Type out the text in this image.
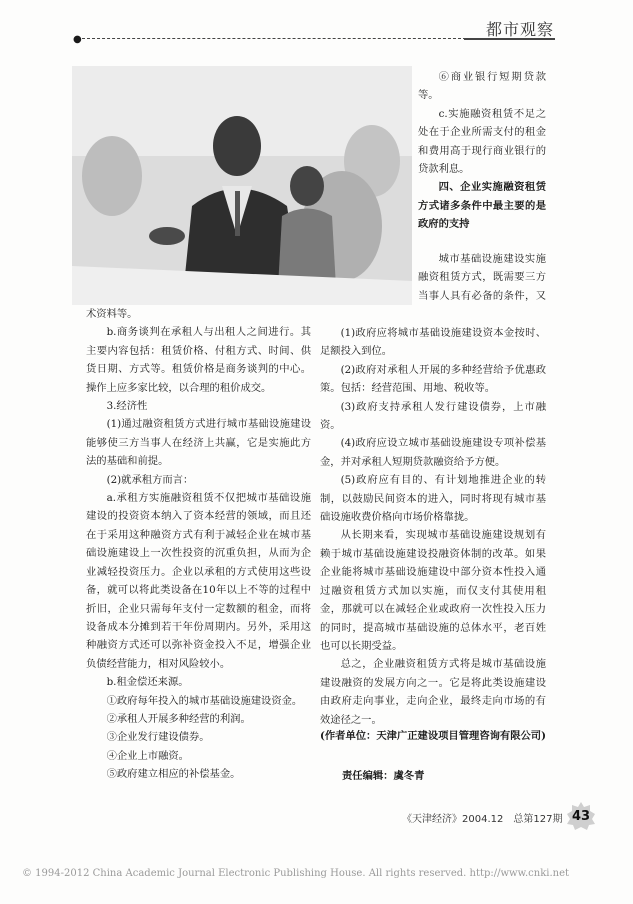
●
都市观察

⑥商业银行短期贷款等。

c.实施融资租赁不足之处在于企业所需支付的租金和费用高于现行商业银行的贷款利息。

四、企业实施融资租赁方式诸多条件中最主要的是政府的支持

城市基础设施建设实施融资租赁方式，既需要三方当事人具有必备的条件，又

术资料等。

b.商务谈判在承租人与出租人之间进行。其主要内容包括：租赁价格、付租方式、时间、供货日期、方式等。租赁价格是商务谈判的中心。操作上应多家比较，以合理的租价成交。

3.经济性

(1)通过融资租赁方式进行城市基础设施建设能够使三方当事人在经济上共赢，它是实施此方法的基础和前提。

(2)就承租方而言：

a.承租方实施融资租赁不仅把城市基础设施建设的投资资本纳入了资本经营的领域，而且还在于采用这种融资方式有利于减轻企业在城市基础设施建设上一次性投资的沉重负担，从而为企业减轻投资压力。企业以承租的方式使用这些设备，就可以将此类设备在10年以上不等的过程中折旧，企业只需每年支付一定数额的租金，而将设备成本分摊到若干年份周期内。另外，采用这种融资方式还可以弥补资金投入不足，增强企业负债经营能力，相对风险较小。

b.租金偿还来源。

①政府每年投入的城市基础设施建设资金。

②承租人开展多种经营的利润。

③企业发行建设债券。

④企业上市融资。

⑤政府建立相应的补偿基金。

(1)政府应将城市基础设施建设资本金按时、足额投入到位。

(2)政府对承租人开展的多种经营给予优惠政策。包括：经营范围、用地、税收等。

(3)政府支持承租人发行建设债券，上市融资。

(4)政府应设立城市基础设施建设专项补偿基金，并对承租人短期贷款融资给予方便。

(5)政府应有目的、有计划地推进企业的转制，以鼓励民间资本的进入，同时将现有城市基础设施收费价格向市场价格靠拢。

从长期来看，实现城市基础设施建设规划有赖于城市基础设施建设投融资体制的改革。如果企业能将城市基础设施建设中部分资本性投入通过融资租赁方式加以实施，而仅支付其使用租金，那就可以在减轻企业或政府一次性投入压力的同时，提高城市基础设施的总体水平，老百姓也可以长期受益。

总之，企业融资租赁方式将是城市基础设施建设融资的发展方向之一。它是将此类设施建设由政府走向事业，走向企业，最终走向市场的有效途径之一。

(作者单位：天津广正建设项目管理咨询有限公司)
责任编辑：虞冬青
《天津经济》2004.12　总第127期 43
© 1994-2012 China Academic Journal Electronic Publishing House. All rights reserved. http://www.cnki.net
